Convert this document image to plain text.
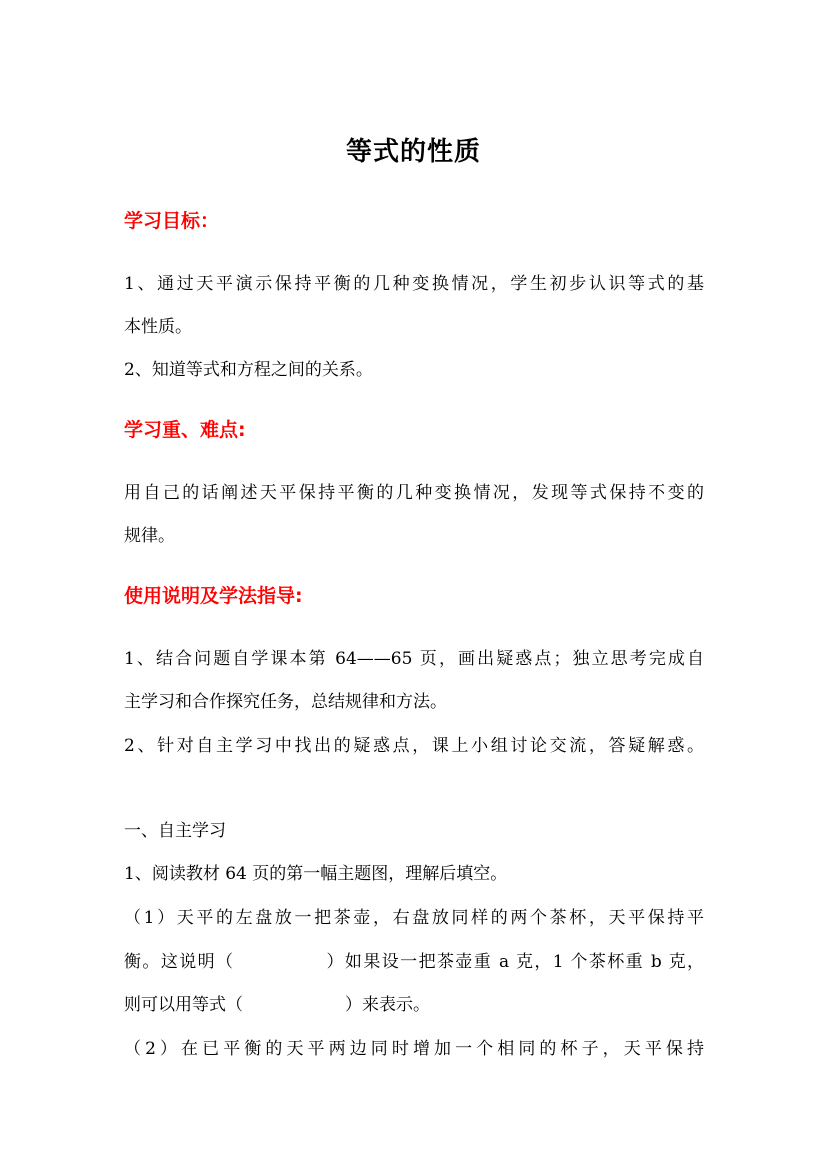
等式的性质
学习目标：
1、通过天平演示保持平衡的几种变换情况，学生初步认识等式的基
本性质。
2、知道等式和方程之间的关系。
学习重、难点:
用自己的话阐述天平保持平衡的几种变换情况，发现等式保持不变的
规律。
使用说明及学法指导:
1、结合问题自学课本第 64——65 页，画出疑惑点；独立思考完成自
主学习和合作探究任务，总结规律和方法。
2、针对自主学习中找出的疑惑点，课上小组讨论交流，答疑解惑。
一、自主学习
1、阅读教材 64 页的第一幅主题图，理解后填空。
（1）天平的左盘放一把茶壶，右盘放同样的两个茶杯，天平保持平
衡。这说明（　　　　　）如果设一把茶壶重 a 克，1 个茶杯重 b 克，
则可以用等式（　　　　　　）来表示。
（2）在已平衡的天平两边同时增加一个相同的杯子，天平保持
